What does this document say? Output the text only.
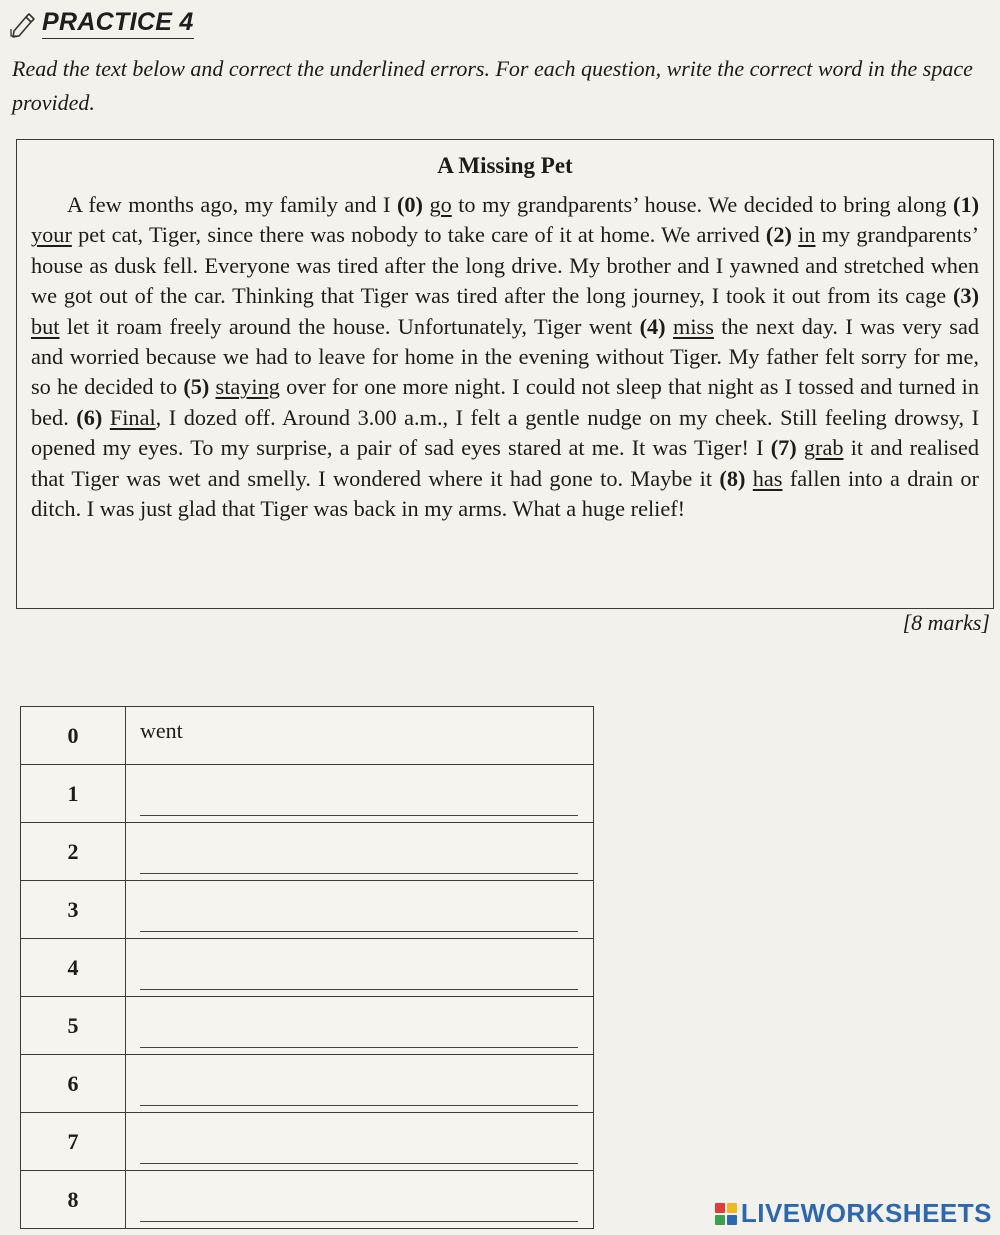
PRACTICE 4

Read the text below and correct the underlined errors. For each question, write the correct word in the space provided.

A Missing Pet

A few months ago, my family and I (0) go to my grandparents’ house. We decided to bring along (1) your pet cat, Tiger, since there was nobody to take care of it at home. We arrived (2) in my grandparents’ house as dusk fell. Everyone was tired after the long drive. My brother and I yawned and stretched when we got out of the car. Thinking that Tiger was tired after the long journey, I took it out from its cage (3) but let it roam freely around the house. Unfortunately, Tiger went (4) miss the next day. I was very sad and worried because we had to leave for home in the evening without Tiger. My father felt sorry for me, so he decided to (5) staying over for one more night. I could not sleep that night as I tossed and turned in bed. (6) Final, I dozed off. Around 3.00 a.m., I felt a gentle nudge on my cheek. Still feeling drowsy, I opened my eyes. To my surprise, a pair of sad eyes stared at me. It was Tiger! I (7) grab it and realised that Tiger was wet and smelly. I wondered where it had gone to. Maybe it (8) has fallen into a drain or ditch. I was just glad that Tiger was back in my arms. What a huge relief!

[8 marks]
0	went

1	

2	

3	

4	

5	

6	

7	

8		LIVEWORKSHEETS
